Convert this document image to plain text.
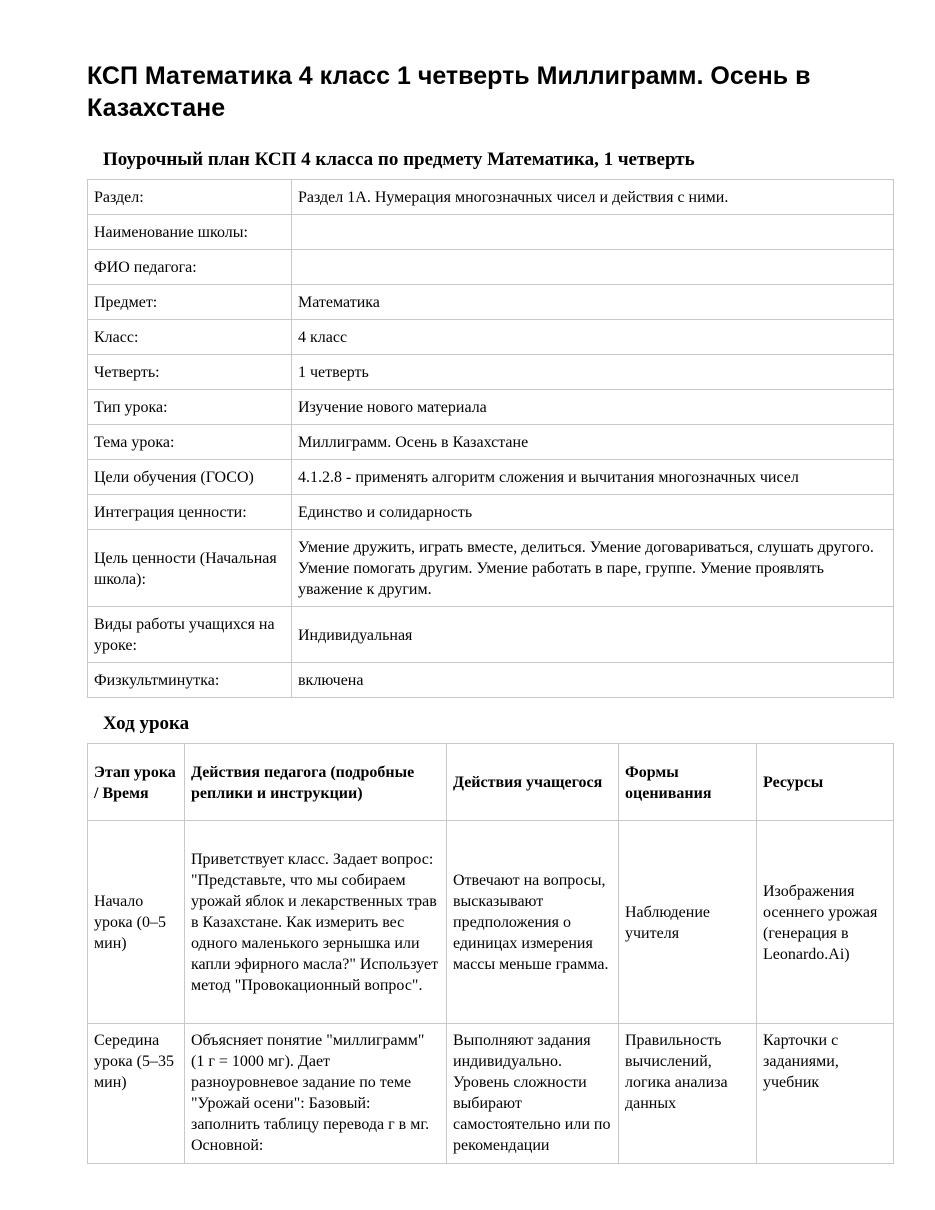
КСП Математика 4 класс 1 четверть Миллиграмм. Осень в Казахстане
Поурочный план КСП 4 класса по предмету Математика, 1 четверть
Раздел:	Раздел 1А. Нумерация многозначных чисел и действия с ними.
Наименование школы:	
ФИО педагога:	
Предмет:	Математика
Класс:	4 класс
Четверть:	1 четверть
Тип урока:	Изучение нового материала
Тема урока:	Миллиграмм. Осень в Казахстане
Цели обучения (ГОСО)	4.1.2.8 - применять алгоритм сложения и вычитания многозначных чисел
Интеграция ценности:	Единство и солидарность
Цель ценности (Начальная школа):	Умение дружить, играть вместе, делиться. Умение договариваться, слушать другого. Умение помогать другим. Умение работать в паре, группе. Умение проявлять уважение к другим.
Виды работы учащихся на уроке:	Индивидуальная
Физкультминутка:	включена
Ход урока
Этап урока / Время	Действия педагога (подробные реплики и инструкции)	Действия учащегося	Формы оценивания	Ресурсы
Начало урока (0–5 мин)	Приветствует класс. Задает вопрос: "Представьте, что мы собираем урожай яблок и лекарственных трав в Казахстане. Как измерить вес одного маленького зернышка или капли эфирного масла?" Использует метод "Провокационный вопрос".	Отвечают на вопросы, высказывают предположения о единицах измерения массы меньше грамма.	Наблюдение учителя	Изображения осеннего урожая (генерация в Leonardo.Ai)
Середина урока (5–35 мин)	Объясняет понятие "миллиграмм" (1 г = 1000 мг). Дает разноуровневое задание по теме "Урожай осени": Базовый: заполнить таблицу перевода г в мг. Основной:	Выполняют задания индивидуально. Уровень сложности выбирают самостоятельно или по рекомендации	Правильность вычислений, логика анализа данных	Карточки с заданиями, учебник
